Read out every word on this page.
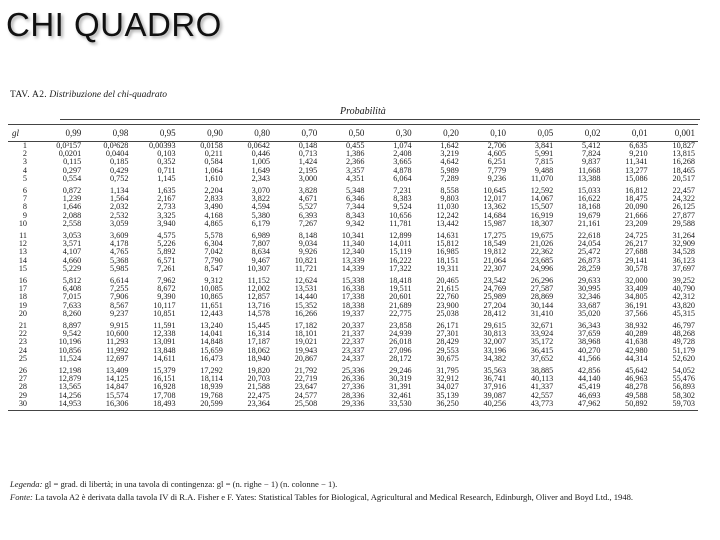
CHI QUADRO
TAV. A2. Distribuzione del chi-quadrato
Probabilità
gl	0,99	0,98	0,95	0,90	0,80	0,70	0,50	0,30	0,20	0,10	0,05	0,02	0,01	0,001
1	0,0³157	0,0³628	0,00393	0,0158	0,0642	0,148	0,455	1,074	1,642	2,706	3,841	5,412	6,635	10,827
2	0,0201	0,0404	0,103	0,211	0,446	0,713	1,386	2,408	3,219	4,605	5,991	7,824	9,210	13,815
3	0,115	0,185	0,352	0,584	1,005	1,424	2,366	3,665	4,642	6,251	7,815	9,837	11,341	16,268
4	0,297	0,429	0,711	1,064	1,649	2,195	3,357	4,878	5,989	7,779	9,488	11,668	13,277	18,465
5	0,554	0,752	1,145	1,610	2,343	3,000	4,351	6,064	7,289	9,236	11,070	13,388	15,086	20,517
6	0,872	1,134	1,635	2,204	3,070	3,828	5,348	7,231	8,558	10,645	12,592	15,033	16,812	22,457
7	1,239	1,564	2,167	2,833	3,822	4,671	6,346	8,383	9,803	12,017	14,067	16,622	18,475	24,322
8	1,646	2,032	2,733	3,490	4,594	5,527	7,344	9,524	11,030	13,362	15,507	18,168	20,090	26,125
9	2,088	2,532	3,325	4,168	5,380	6,393	8,343	10,656	12,242	14,684	16,919	19,679	21,666	27,877
10	2,558	3,059	3,940	4,865	6,179	7,267	9,342	11,781	13,442	15,987	18,307	21,161	23,209	29,588
11	3,053	3,609	4,575	5,578	6,989	8,148	10,341	12,899	14,631	17,275	19,675	22,618	24,725	31,264
12	3,571	4,178	5,226	6,304	7,807	9,034	11,340	14,011	15,812	18,549	21,026	24,054	26,217	32,909
13	4,107	4,765	5,892	7,042	8,634	9,926	12,340	15,119	16,985	19,812	22,362	25,472	27,688	34,528
14	4,660	5,368	6,571	7,790	9,467	10,821	13,339	16,222	18,151	21,064	23,685	26,873	29,141	36,123
15	5,229	5,985	7,261	8,547	10,307	11,721	14,339	17,322	19,311	22,307	24,996	28,259	30,578	37,697
16	5,812	6,614	7,962	9,312	11,152	12,624	15,338	18,418	20,465	23,542	26,296	29,633	32,000	39,252
17	6,408	7,255	8,672	10,085	12,002	13,531	16,338	19,511	21,615	24,769	27,587	30,995	33,409	40,790
18	7,015	7,906	9,390	10,865	12,857	14,440	17,338	20,601	22,760	25,989	28,869	32,346	34,805	42,312
19	7,633	8,567	10,117	11,651	13,716	15,352	18,338	21,689	23,900	27,204	30,144	33,687	36,191	43,820
20	8,260	9,237	10,851	12,443	14,578	16,266	19,337	22,775	25,038	28,412	31,410	35,020	37,566	45,315
21	8,897	9,915	11,591	13,240	15,445	17,182	20,337	23,858	26,171	29,615	32,671	36,343	38,932	46,797
22	9,542	10,600	12,338	14,041	16,314	18,101	21,337	24,939	27,301	30,813	33,924	37,659	40,289	48,268
23	10,196	11,293	13,091	14,848	17,187	19,021	22,337	26,018	28,429	32,007	35,172	38,968	41,638	49,728
24	10,856	11,992	13,848	15,659	18,062	19,943	23,337	27,096	29,553	33,196	36,415	40,270	42,980	51,179
25	11,524	12,697	14,611	16,473	18,940	20,867	24,337	28,172	30,675	34,382	37,652	41,566	44,314	52,620
26	12,198	13,409	15,379	17,292	19,820	21,792	25,336	29,246	31,795	35,563	38,885	42,856	45,642	54,052
27	12,879	14,125	16,151	18,114	20,703	22,719	26,336	30,319	32,912	36,741	40,113	44,140	46,963	55,476
28	13,565	14,847	16,928	18,939	21,588	23,647	27,336	31,391	34,027	37,916	41,337	45,419	48,278	56,893
29	14,256	15,574	17,708	19,768	22,475	24,577	28,336	32,461	35,139	39,087	42,557	46,693	49,588	58,302
30	14,953	16,306	18,493	20,599	23,364	25,508	29,336	33,530	36,250	40,256	43,773	47,962	50,892	59,703

Legenda: gl = grad. di libertà; in una tavola di contingenza: gl = (n. righe − 1) (n. colonne − 1).

Fonte: La tavola A2 è derivata dalla tavola IV di R.A. Fisher e F. Yates: Statistical Tables for Biological, Agricultural and Medical Research, Edinburgh, Oliver and Boyd Ltd., 1948.
